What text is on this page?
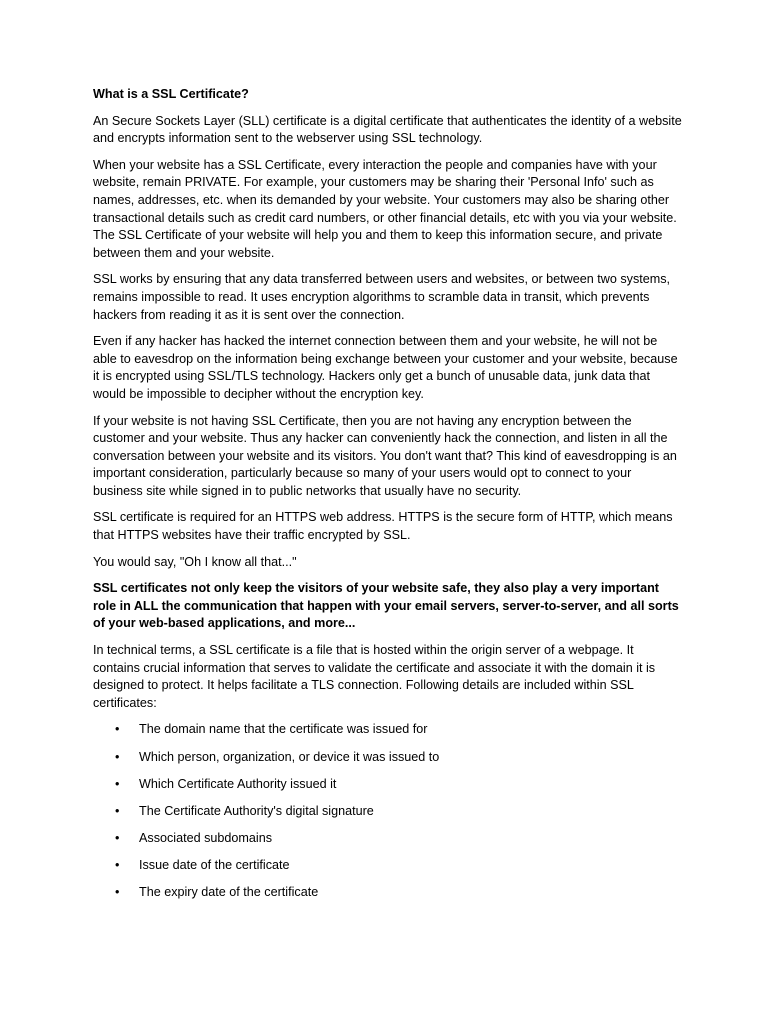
What is a SSL Certificate?

An Secure Sockets Layer (SLL) certificate is a digital certificate that authenticates the identity of a website and encrypts information sent to the webserver using SSL technology.

When your website has a SSL Certificate, every interaction the people and companies have with your website, remain PRIVATE. For example, your customers may be sharing their 'Personal Info' such as names, addresses, etc. when its demanded by your website. Your customers may also be sharing other transactional details such as credit card numbers, or other financial details, etc with you via your website. The SSL Certificate of your website will help you and them to keep this information secure, and private between them and your website.

SSL works by ensuring that any data transferred between users and websites, or between two systems, remains impossible to read. It uses encryption algorithms to scramble data in transit, which prevents hackers from reading it as it is sent over the connection.

Even if any hacker has hacked the internet connection between them and your website, he will not be able to eavesdrop on the information being exchange between your customer and your website, because it is encrypted using SSL/TLS technology. Hackers only get a bunch of unusable data, junk data that would be impossible to decipher without the encryption key.

If your website is not having SSL Certificate, then you are not having any encryption between the customer and your website. Thus any hacker can conveniently hack the connection, and listen in all the conversation between your website and its visitors. You don't want that? This kind of eavesdropping is an important consideration, particularly because so many of your users would opt to connect to your business site while signed in to public networks that usually have no security.

SSL certificate is required for an HTTPS web address. HTTPS is the secure form of HTTP, which means that HTTPS websites have their traffic encrypted by SSL.

You would say, "Oh I know all that..."

SSL certificates not only keep the visitors of your website safe, they also play a very important role in ALL the communication that happen with your email servers, server-to-server, and all sorts of your web-based applications, and more...

In technical terms, a SSL certificate is a file that is hosted within the origin server of a webpage. It contains crucial information that serves to validate the certificate and associate it with the domain it is designed to protect. It helps facilitate a TLS connection. Following details are included within SSL certificates:

• The domain name that the certificate was issued for
• Which person, organization, or device it was issued to
• Which Certificate Authority issued it
• The Certificate Authority's digital signature
• Associated subdomains
• Issue date of the certificate
• The expiry date of the certificate
